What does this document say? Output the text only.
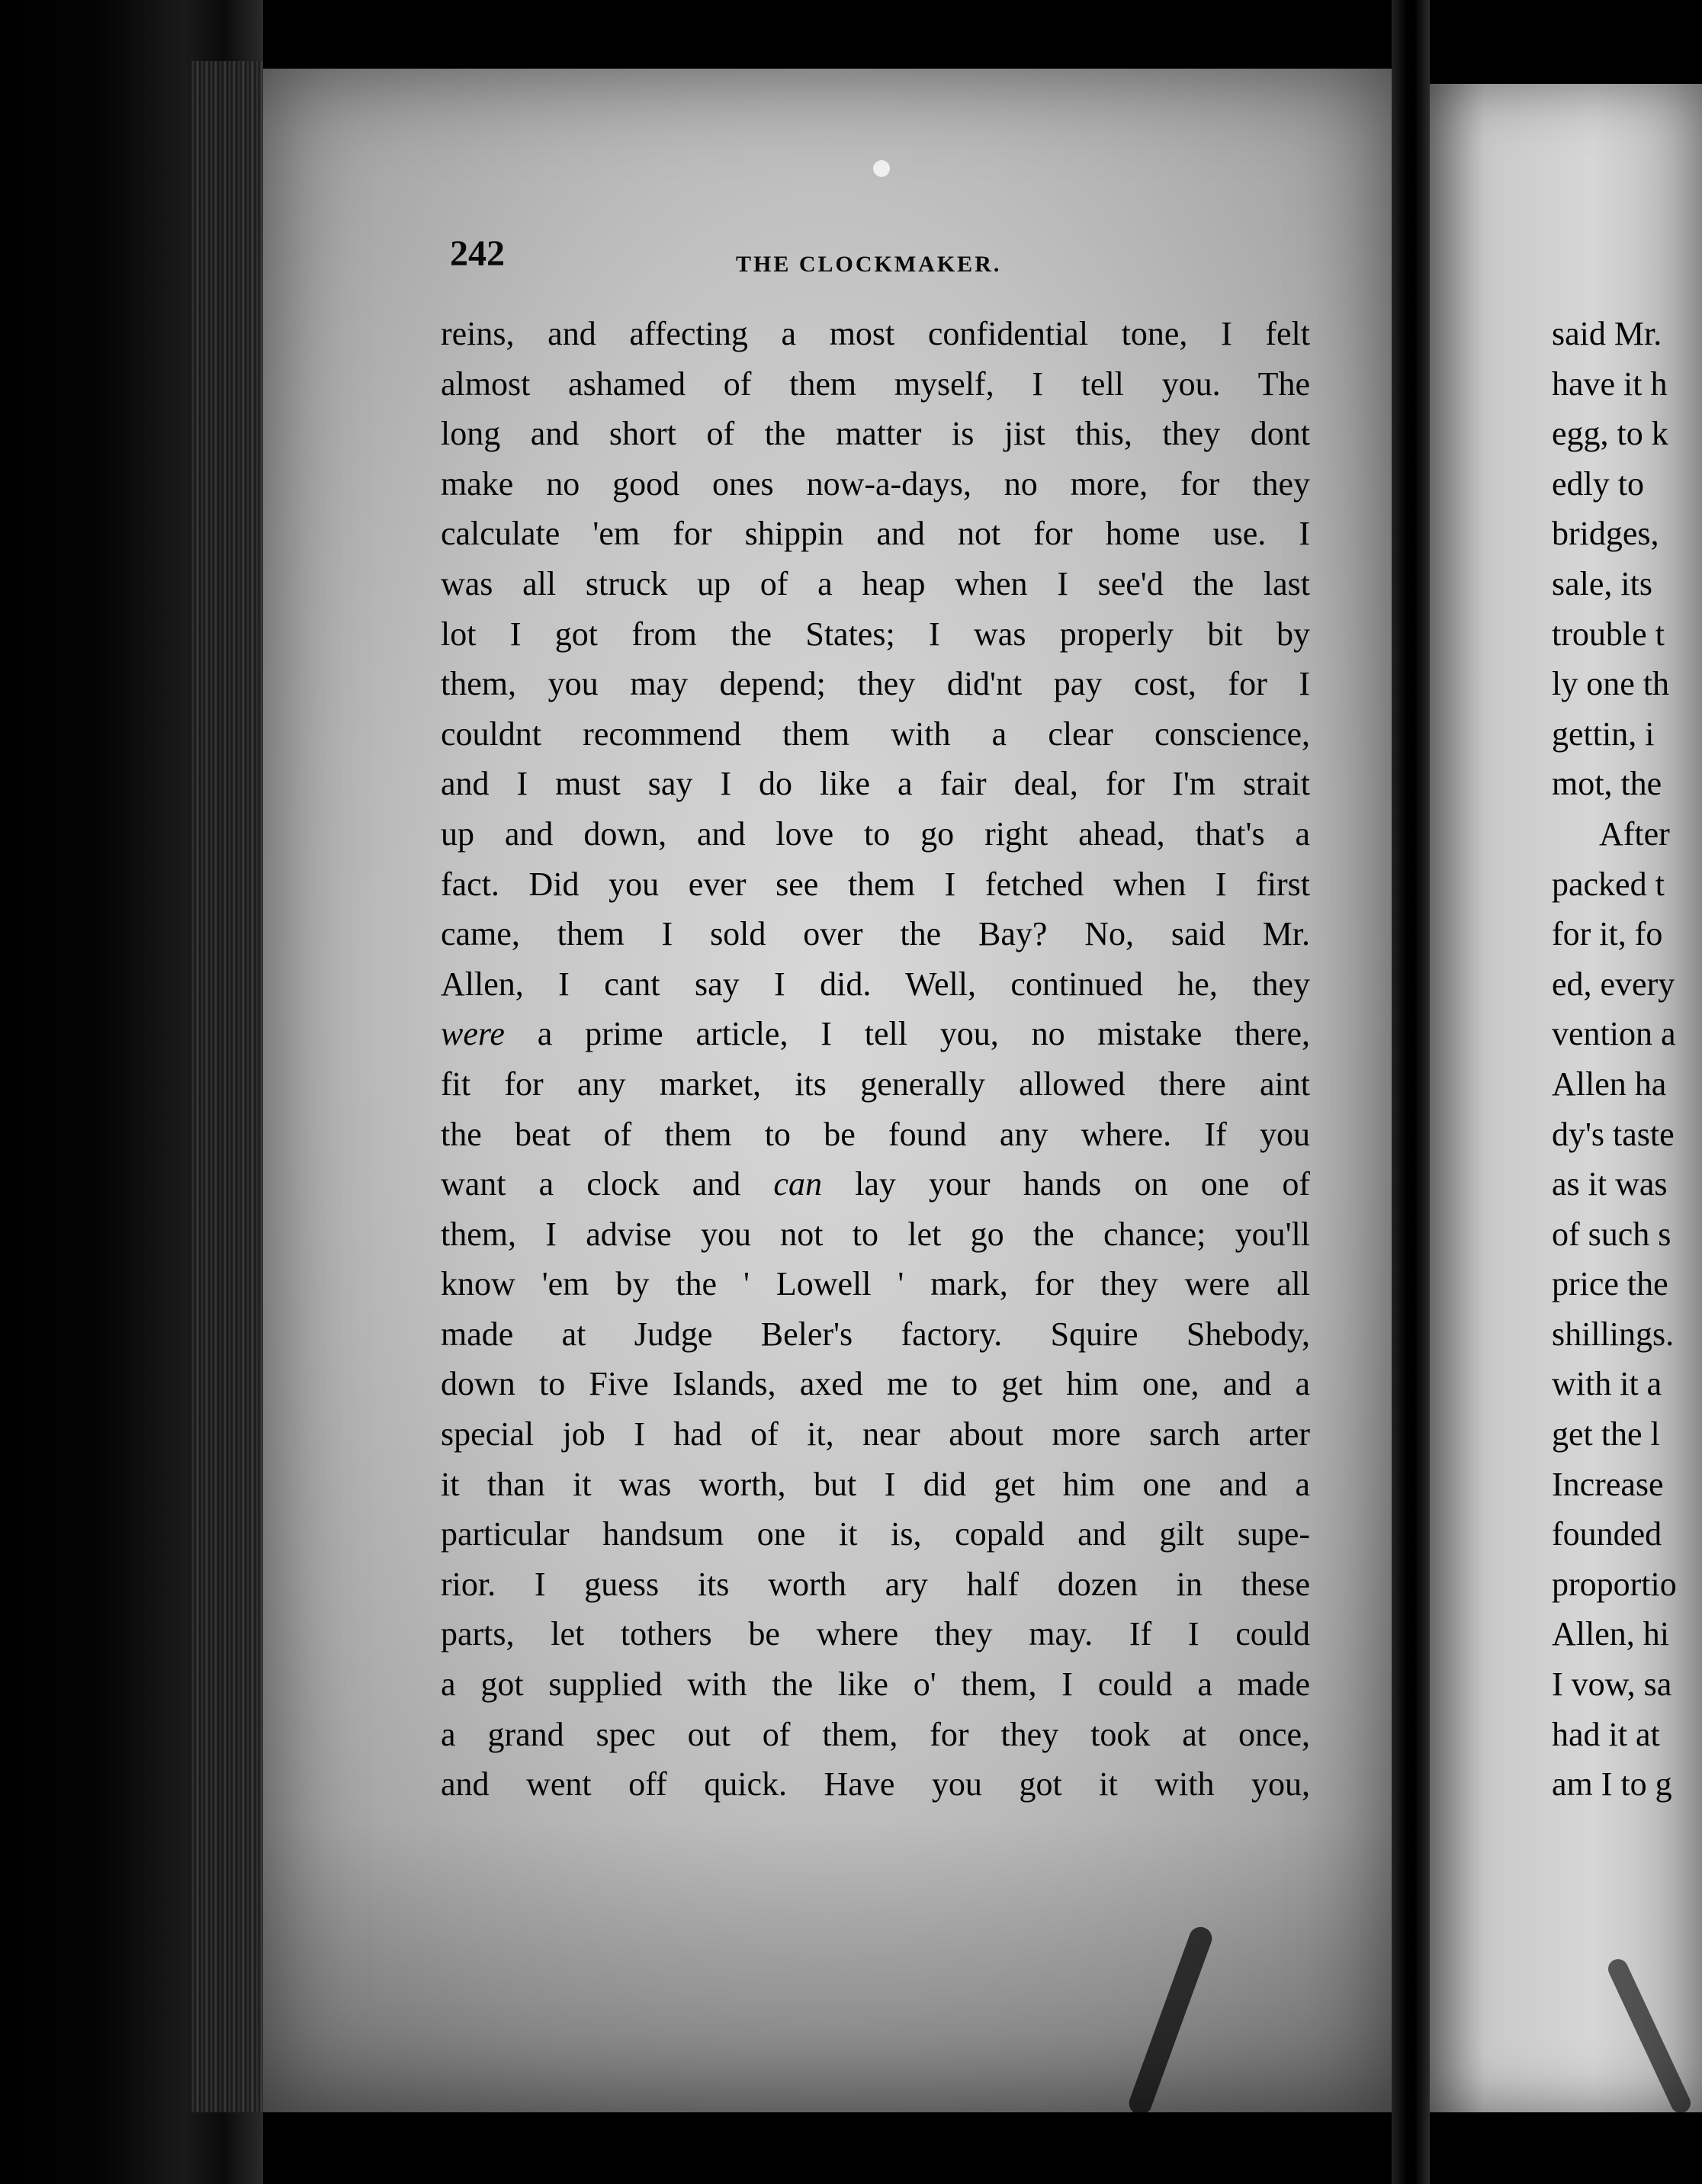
242	THE CLOCKMAKER.
reins, and affecting a most confidential tone, I felt
almost ashamed of them myself, I tell you. The
long and short of the matter is jist this, they dont
make no good ones now-a-days, no more, for they
calculate 'em for shippin and not for home use. I
was all struck up of a heap when I see'd the last
lot I got from the States; I was properly bit by
them, you may depend; they did'nt pay cost, for I
couldnt recommend them with a clear conscience,
and I must say I do like a fair deal, for I'm strait
up and down, and love to go right ahead, that's a
fact. Did you ever see them I fetched when I first
came, them I sold over the Bay? No, said Mr.
Allen, I cant say I did. Well, continued he, they
were a prime article, I tell you, no mistake there,
fit for any market, its generally allowed there aint
the beat of them to be found any where. If you
want a clock and can lay your hands on one of
them, I advise you not to let go the chance; you'll
know 'em by the ' Lowell ' mark, for they were all
made at Judge Beler's factory. Squire Shebody,
down to Five Islands, axed me to get him one, and a
special job I had of it, near about more sarch arter
it than it was worth, but I did get him one and a
particular handsum one it is, copald and gilt supe-
rior. I guess its worth ary half dozen in these
parts, let tothers be where they may. If I could
a got supplied with the like o' them, I could a made
a grand spec out of them, for they took at once,
and went off quick. Have you got it with you,
said Mr.
have it h
egg, to k
edly to
bridges,
sale, its
trouble t
ly one th
gettin, i
mot, the
After
packed t
for it, fo
ed, every
vention a
Allen ha
dy's taste
as it was
of such s
price the
shillings.
with it a
get the l
Increase
founded
proportio
Allen, hi
I vow, sa
had it at
am I to g
